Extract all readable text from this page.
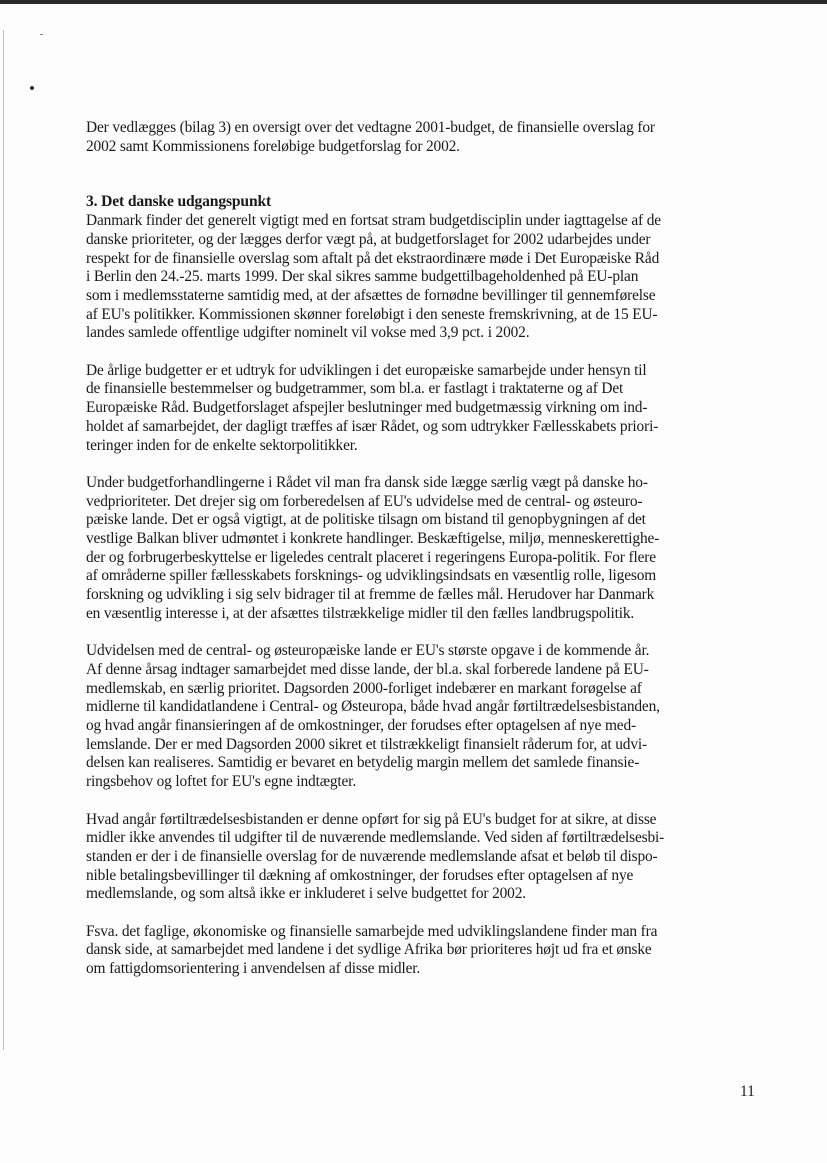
Der vedlægges (bilag 3) en oversigt over det vedtagne 2001-budget, de finansielle overslag for
2002 samt Kommissionens foreløbige budgetforslag for 2002.

3. Det danske udgangspunkt

Danmark finder det generelt vigtigt med en fortsat stram budgetdisciplin under iagttagelse af de
danske prioriteter, og der lægges derfor vægt på, at budgetforslaget for 2002 udarbejdes under
respekt for de finansielle overslag som aftalt på det ekstraordinære møde i Det Europæiske Råd
i Berlin den 24.-25. marts 1999. Der skal sikres samme budgettilbageholdenhed på EU-plan
som i medlemsstaterne samtidig med, at der afsættes de fornødne bevillinger til gennemførelse
af EU's politikker. Kommissionen skønner foreløbigt i den seneste fremskrivning, at de 15 EU-
landes samlede offentlige udgifter nominelt vil vokse med 3,9 pct. i 2002.

De årlige budgetter er et udtryk for udviklingen i det europæiske samarbejde under hensyn til
de finansielle bestemmelser og budgetrammer, som bl.a. er fastlagt i traktaterne og af Det
Europæiske Råd. Budgetforslaget afspejler beslutninger med budgetmæssig virkning om ind-
holdet af samarbejdet, der dagligt træffes af især Rådet, og som udtrykker Fællesskabets priori-
teringer inden for de enkelte sektorpolitikker.

Under budgetforhandlingerne i Rådet vil man fra dansk side lægge særlig vægt på danske ho-
vedprioriteter. Det drejer sig om forberedelsen af EU's udvidelse med de central- og østeuro-
pæiske lande. Det er også vigtigt, at de politiske tilsagn om bistand til genopbygningen af det
vestlige Balkan bliver udmøntet i konkrete handlinger. Beskæftigelse, miljø, menneskerettighe-
der og forbrugerbeskyttelse er ligeledes centralt placeret i regeringens Europa-politik. For flere
af områderne spiller fællesskabets forsknings- og udviklingsindsats en væsentlig rolle, ligesom
forskning og udvikling i sig selv bidrager til at fremme de fælles mål. Herudover har Danmark
en væsentlig interesse i, at der afsættes tilstrækkelige midler til den fælles landbrugspolitik.

Udvidelsen med de central- og østeuropæiske lande er EU's største opgave i de kommende år.
Af denne årsag indtager samarbejdet med disse lande, der bl.a. skal forberede landene på EU-
medlemskab, en særlig prioritet. Dagsorden 2000-forliget indebærer en markant forøgelse af
midlerne til kandidatlandene i Central- og Østeuropa, både hvad angår førtiltrædelsesbistanden,
og hvad angår finansieringen af de omkostninger, der forudses efter optagelsen af nye med-
lemslande. Der er med Dagsorden 2000 sikret et tilstrækkeligt finansielt råderum for, at udvi-
delsen kan realiseres. Samtidig er bevaret en betydelig margin mellem det samlede finansie-
ringsbehov og loftet for EU's egne indtægter.

Hvad angår førtiltrædelsesbistanden er denne opført for sig på EU's budget for at sikre, at disse
midler ikke anvendes til udgifter til de nuværende medlemslande. Ved siden af førtiltrædelsesbi-
standen er der i de finansielle overslag for de nuværende medlemslande afsat et beløb til dispo-
nible betalingsbevillinger til dækning af omkostninger, der forudses efter optagelsen af nye
medlemslande, og som altså ikke er inkluderet i selve budgettet for 2002.

Fsva. det faglige, økonomiske og finansielle samarbejde med udviklingslandene finder man fra
dansk side, at samarbejdet med landene i det sydlige Afrika bør prioriteres højt ud fra et ønske
om fattigdomsorientering i anvendelsen af disse midler.

11
